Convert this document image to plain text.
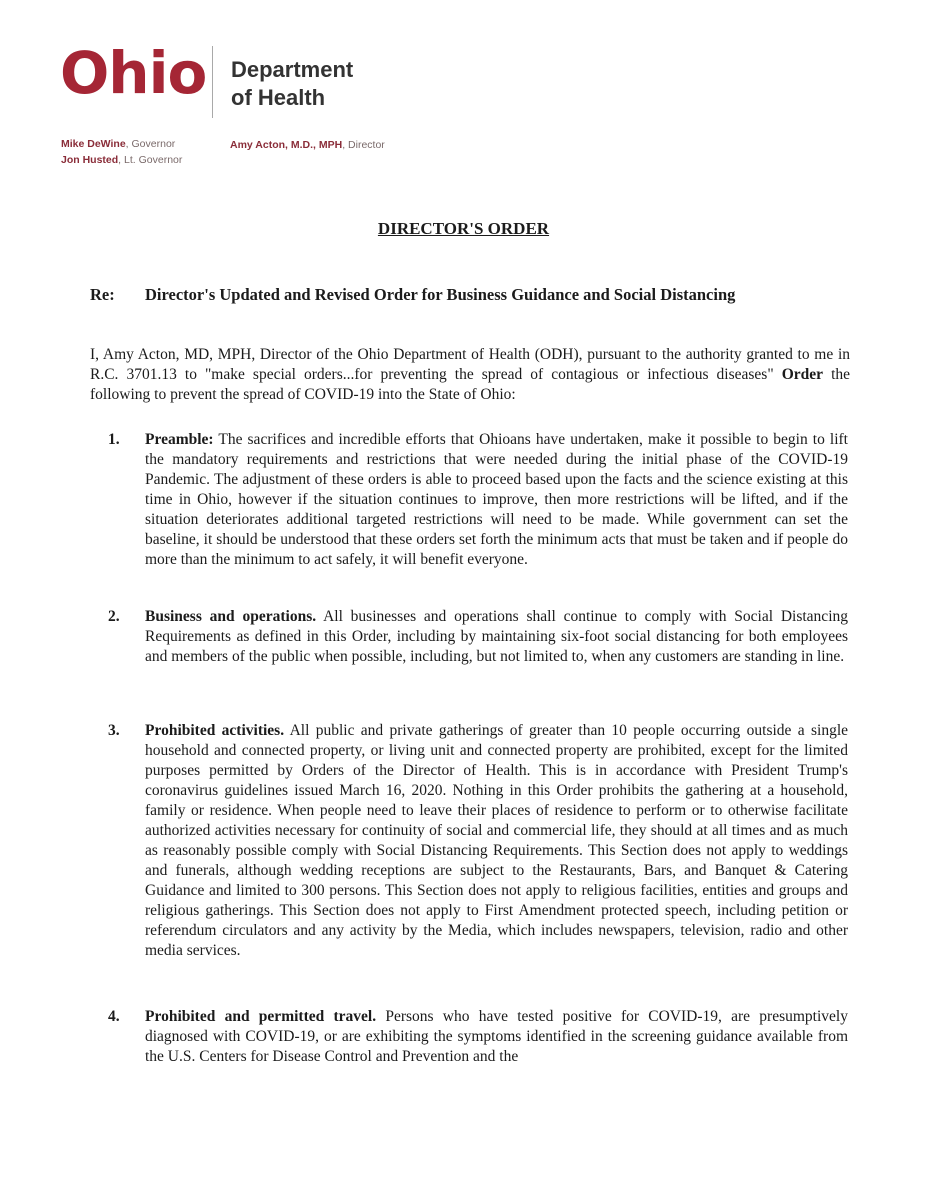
Ohio Department
of Health
Mike DeWine, Governor
Jon Husted, Lt. Governor
Amy Acton, M.D., MPH, Director
DIRECTOR'S ORDER
Re: Director's Updated and Revised Order for Business Guidance and Social Distancing
I, Amy Acton, MD, MPH, Director of the Ohio Department of Health (ODH), pursuant to the authority granted to me in R.C. 3701.13 to "make special orders...for preventing the spread of contagious or infectious diseases" Order the following to prevent the spread of COVID-19 into the State of Ohio:
1. Preamble: The sacrifices and incredible efforts that Ohioans have undertaken, make it possible to begin to lift the mandatory requirements and restrictions that were needed during the initial phase of the COVID-19 Pandemic. The adjustment of these orders is able to proceed based upon the facts and the science existing at this time in Ohio, however if the situation continues to improve, then more restrictions will be lifted, and if the situation deteriorates additional targeted restrictions will need to be made. While government can set the baseline, it should be understood that these orders set forth the minimum acts that must be taken and if people do more than the minimum to act safely, it will benefit everyone.
2. Business and operations. All businesses and operations shall continue to comply with Social Distancing Requirements as defined in this Order, including by maintaining six-foot social distancing for both employees and members of the public when possible, including, but not limited to, when any customers are standing in line.
3. Prohibited activities. All public and private gatherings of greater than 10 people occurring outside a single household and connected property, or living unit and connected property are prohibited, except for the limited purposes permitted by Orders of the Director of Health. This is in accordance with President Trump's coronavirus guidelines issued March 16, 2020. Nothing in this Order prohibits the gathering at a household, family or residence. When people need to leave their places of residence to perform or to otherwise facilitate authorized activities necessary for continuity of social and commercial life, they should at all times and as much as reasonably possible comply with Social Distancing Requirements. This Section does not apply to weddings and funerals, although wedding receptions are subject to the Restaurants, Bars, and Banquet & Catering Guidance and limited to 300 persons. This Section does not apply to religious facilities, entities and groups and religious gatherings. This Section does not apply to First Amendment protected speech, including petition or referendum circulators and any activity by the Media, which includes newspapers, television, radio and other media services.
4. Prohibited and permitted travel. Persons who have tested positive for COVID-19, are presumptively diagnosed with COVID-19, or are exhibiting the symptoms identified in the screening guidance available from the U.S. Centers for Disease Control and Prevention and the
